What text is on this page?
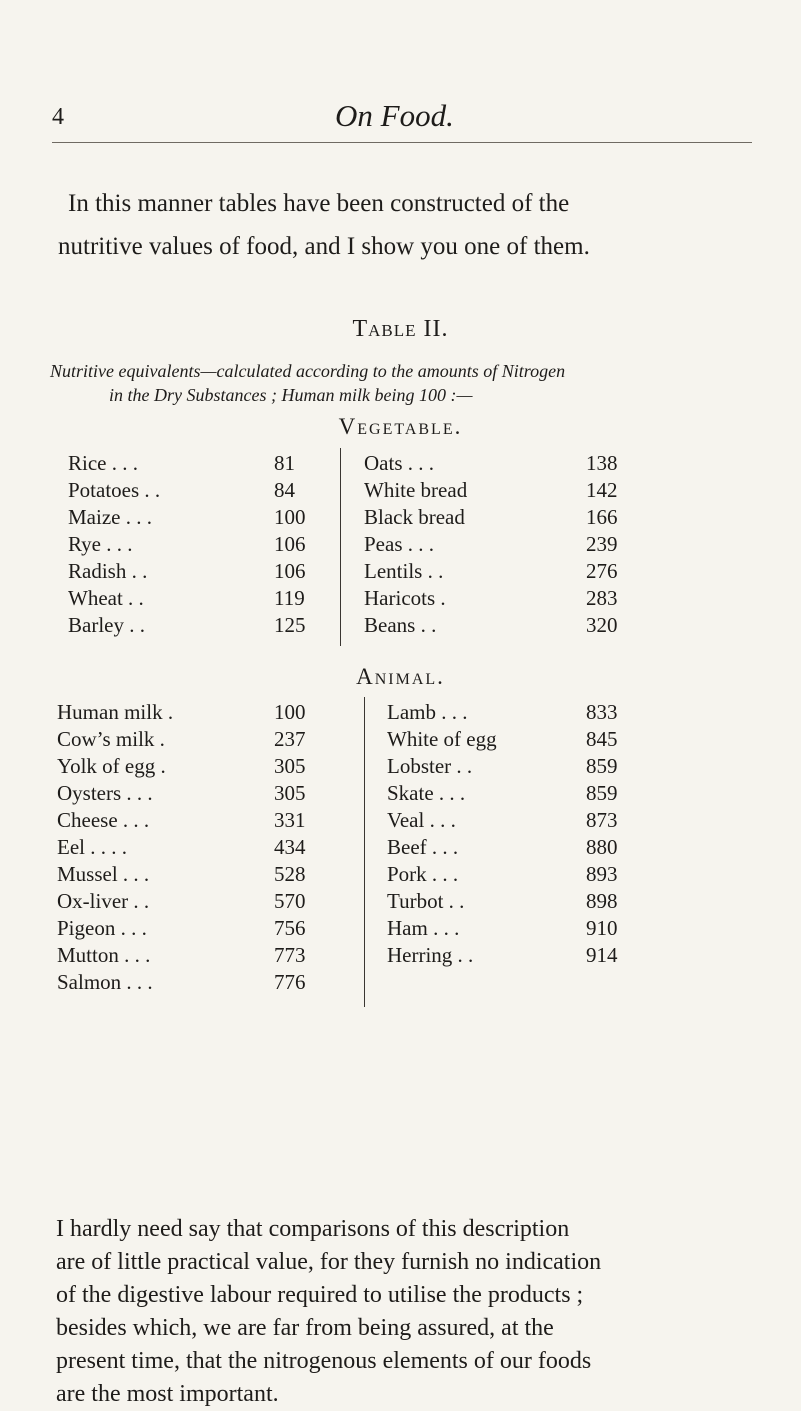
4	On Food.
In this manner tables have been constructed of the
nutritive values of food, and I show you one of them.
Table II.
Nutritive equivalents—calculated according to the amounts of Nitrogen
in the Dry Substances ; Human milk being 100 :—
Vegetable.
Rice . . .	81	Oats . . .	138
Potatoes . .	84	White bread	142
Maize . . .	100	Black bread	166
Rye . . .	106	Peas . . .	239
Radish . .	106	Lentils . .	276
Wheat . .	119	Haricots .	283
Barley . .	125	Beans . .	320
Animal.
Human milk .	100	Lamb . . .	833
Cow’s milk .	237	White of egg	845
Yolk of egg .	305	Lobster . .	859
Oysters . . .	305	Skate . . .	859
Cheese . . .	331	Veal . . .	873
Eel . . . .	434	Beef . . .	880
Mussel . . .	528	Pork . . .	893
Ox-liver . .	570	Turbot . .	898
Pigeon . . .	756	Ham . . .	910
Mutton . . .	773	Herring . .	914
Salmon . . .	776
I hardly need say that comparisons of this description
are of little practical value, for they furnish no indication
of the digestive labour required to utilise the products ;
besides which, we are far from being assured, at the
present time, that the nitrogenous elements of our foods
are the most important.
